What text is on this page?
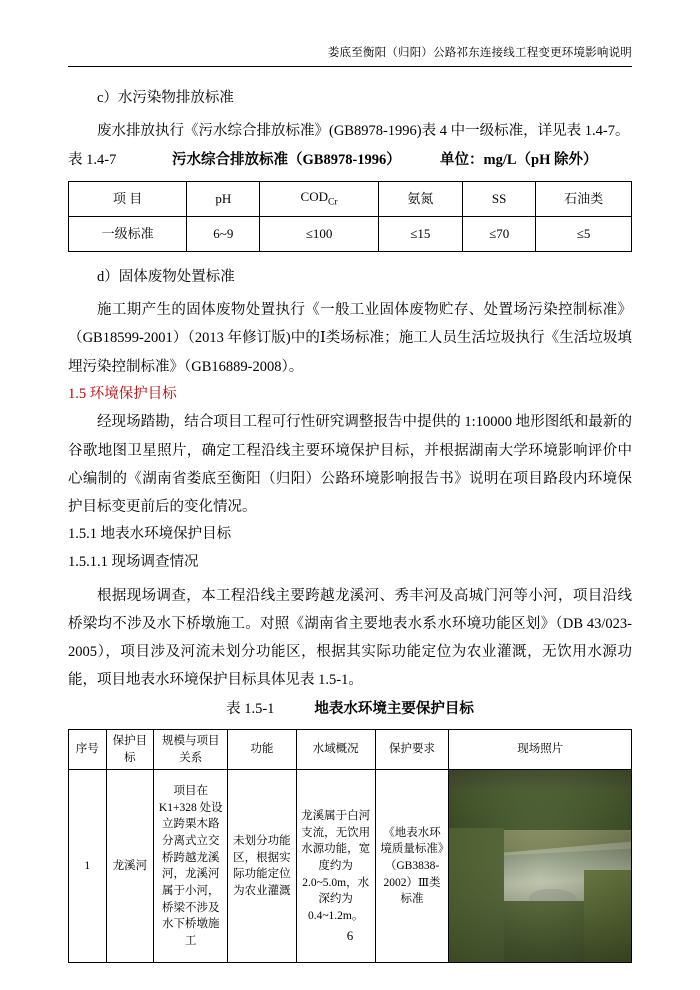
娄底至衡阳（归阳）公路祁东连接线工程变更环境影响说明

c）水污染物排放标准

废水排放执行《污水综合排放标准》(GB8978-1996)表 4 中一级标准，详见表 1.4-7。

表 1.4-7	污水综合排放标准（GB8978-1996）	单位：mg/L（pH 除外）
项 目	pH	$COD_{Cr}$	氨氮	SS	石油类
一级标准	6~9	≤100	≤15	≤70	≤5

d）固体废物处置标准

施工期产生的固体废物处置执行《一般工业固体废物贮存、处置场污染控制标准》（GB18599-2001）（2013 年修订版)中的Ⅰ类场标准；施工人员生活垃圾执行《生活垃圾填埋污染控制标准》（GB16889-2008）。

1.5 环境保护目标

经现场踏勘，结合项目工程可行性研究调整报告中提供的 1:10000 地形图纸和最新的谷歌地图卫星照片，确定工程沿线主要环境保护目标，并根据湖南大学环境影响评价中心编制的《湖南省娄底至衡阳（归阳）公路环境影响报告书》说明在项目路段内环境保护目标变更前后的变化情况。

1.5.1 地表水环境保护目标

1.5.1.1 现场调查情况

根据现场调查，本工程沿线主要跨越龙溪河、秀丰河及高城门河等小河，项目沿线桥梁均不涉及水下桥墩施工。对照《湖南省主要地表水系水环境功能区划》（DB 43/023-2005），项目涉及河流未划分功能区，根据其实际功能定位为农业灌溉，无饮用水源功能，项目地表水环境保护目标具体见表 1.5-1。

表 1.5-1	地表水环境主要保护目标
序号	保护目标	规模与项目关系	功能	水域概况	保护要求	现场照片
1	龙溪河	项目在 K1+328 处设立跨栗木路分离式立交桥跨越龙溪河，龙溪河属于小河，桥梁不涉及水下桥墩施工	未划分功能区，根据实际功能定位为农业灌溉	龙溪属于白河支流，无饮用水源功能，宽度约为 2.0~5.0m，水深约为 0.4~1.2m。	《地表水环境质量标准》（GB3838-2002）Ⅲ类标准	
6
